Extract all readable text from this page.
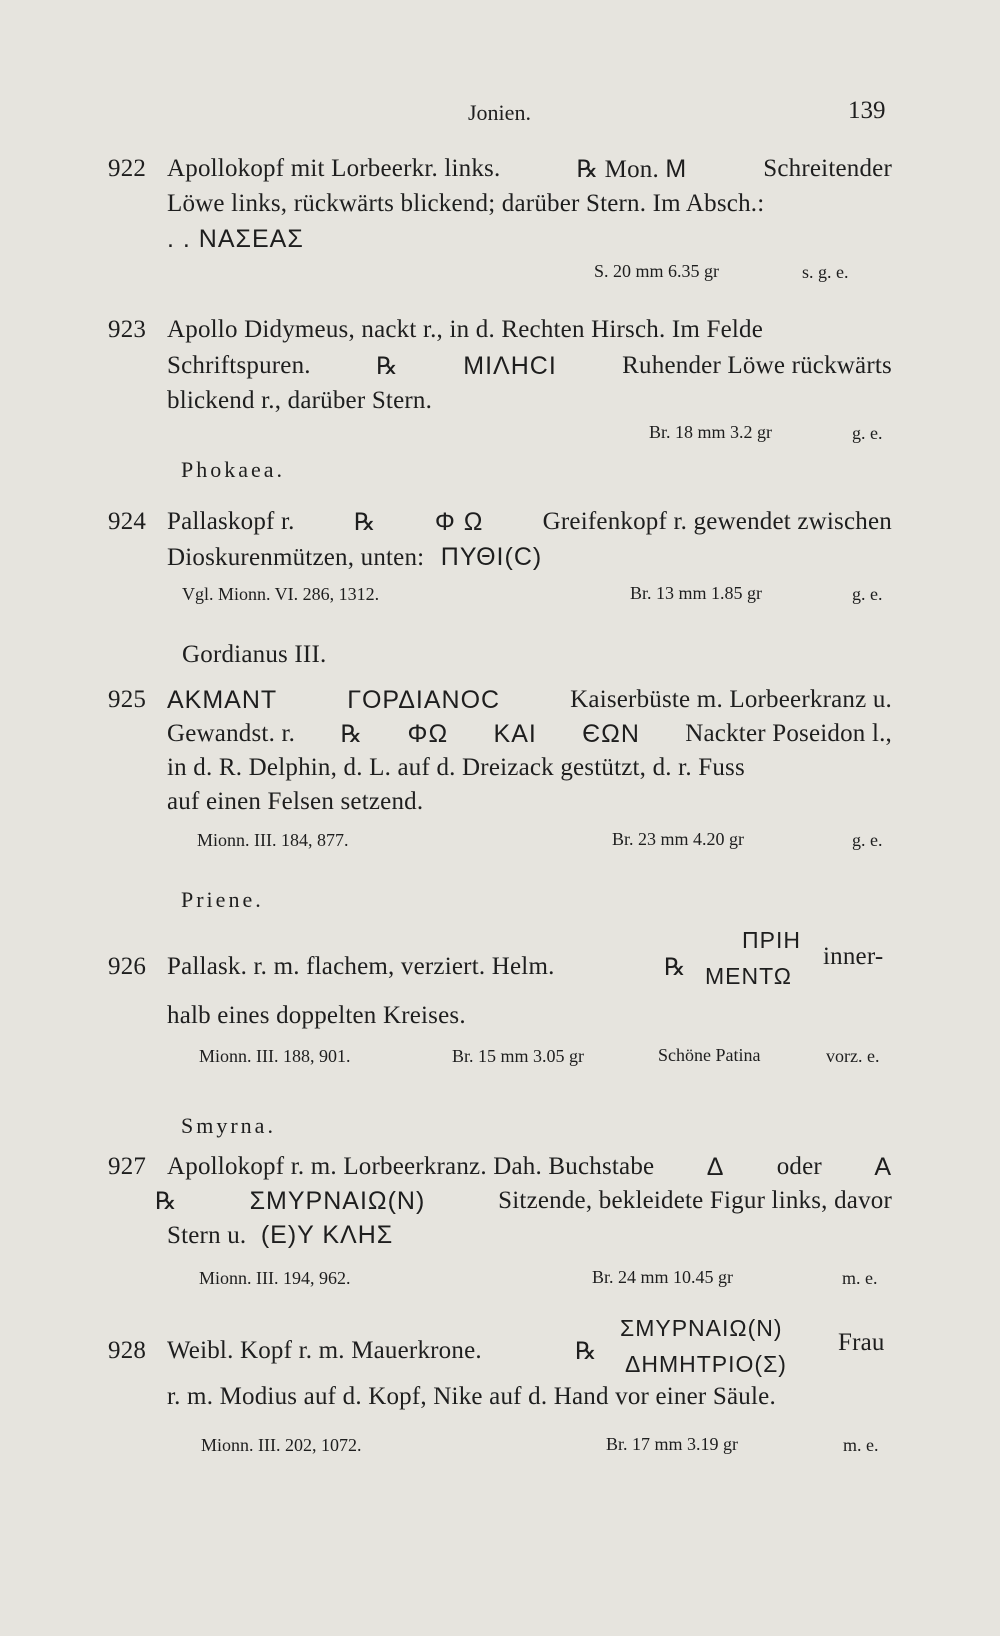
Jonien.	139
922 Apollokopf mit Lorbeerkr. links.	℞ Mon. M	Schreitender
Löwe links, rückwärts blickend; darüber Stern. Im Absch.:
. . ΝΑΣΕΑΣ
S. 20 mm 6.35 gr	s. g. e.
923 Apollo Didymeus, nackt r., in d. Rechten Hirsch. Im Felde
Schriftspuren.	℞	ΜΙΛΗCΙ	Ruhender Löwe rückwärts
blickend r., darüber Stern.
Br. 18 mm 3.2 gr	g. e.
Phokaea.
924 Pallaskopf r. ℞ Φ Ω Greifenkopf r. gewendet zwischen
Dioskurenmützen, unten: ΠΥΘΙ(C)
Vgl. Mionn. VI. 286, 1312.	Br. 13 mm 1.85 gr	g. e.
Gordianus III.
925 ΑΚΜΑΝΤ	ΓΟΡΔΙΑΝΟC	Kaiserbüste m. Lorbeerkranz u.
Gewandst. r. ℞ ΦΩ ΚΑΙ ЄΩΝ Nackter Poseidon l.,
in d. R. Delphin, d. L. auf d. Dreizack gestützt, d. r. Fuss
auf einen Felsen setzend.
Mionn. III. 184, 877.	Br. 23 mm 4.20 gr	g. e.
Priene.
926 Pallask. r. m. flachem, verziert. Helm.	℞
ΠΡΙΗ
ΜΕΝΤΩ
inner-
halb eines doppelten Kreises.
Mionn. III. 188, 901.	Br. 15 mm 3.05 gr	Schöne Patina	vorz. e.
Smyrna.
927 Apollokopf r. m. Lorbeerkranz. Dah. Buchstabe Δ oder A
℞	ΣΜΥΡΝΑΙΩ(Ν)	Sitzende, bekleidete Figur links, davor
Stern u. (Ε)Υ ΚΛΗΣ
Mionn. III. 194, 962.	Br. 24 mm 10.45 gr	m. e.
928 Weibl. Kopf r. m. Mauerkrone.	℞
ΣΜΥΡΝΑΙΩ(Ν)
ΔΗΜΗΤΡΙΟ(Σ)
Frau
r. m. Modius auf d. Kopf, Nike auf d. Hand vor einer Säule.
Mionn. III. 202, 1072.	Br. 17 mm 3.19 gr	m. e.
